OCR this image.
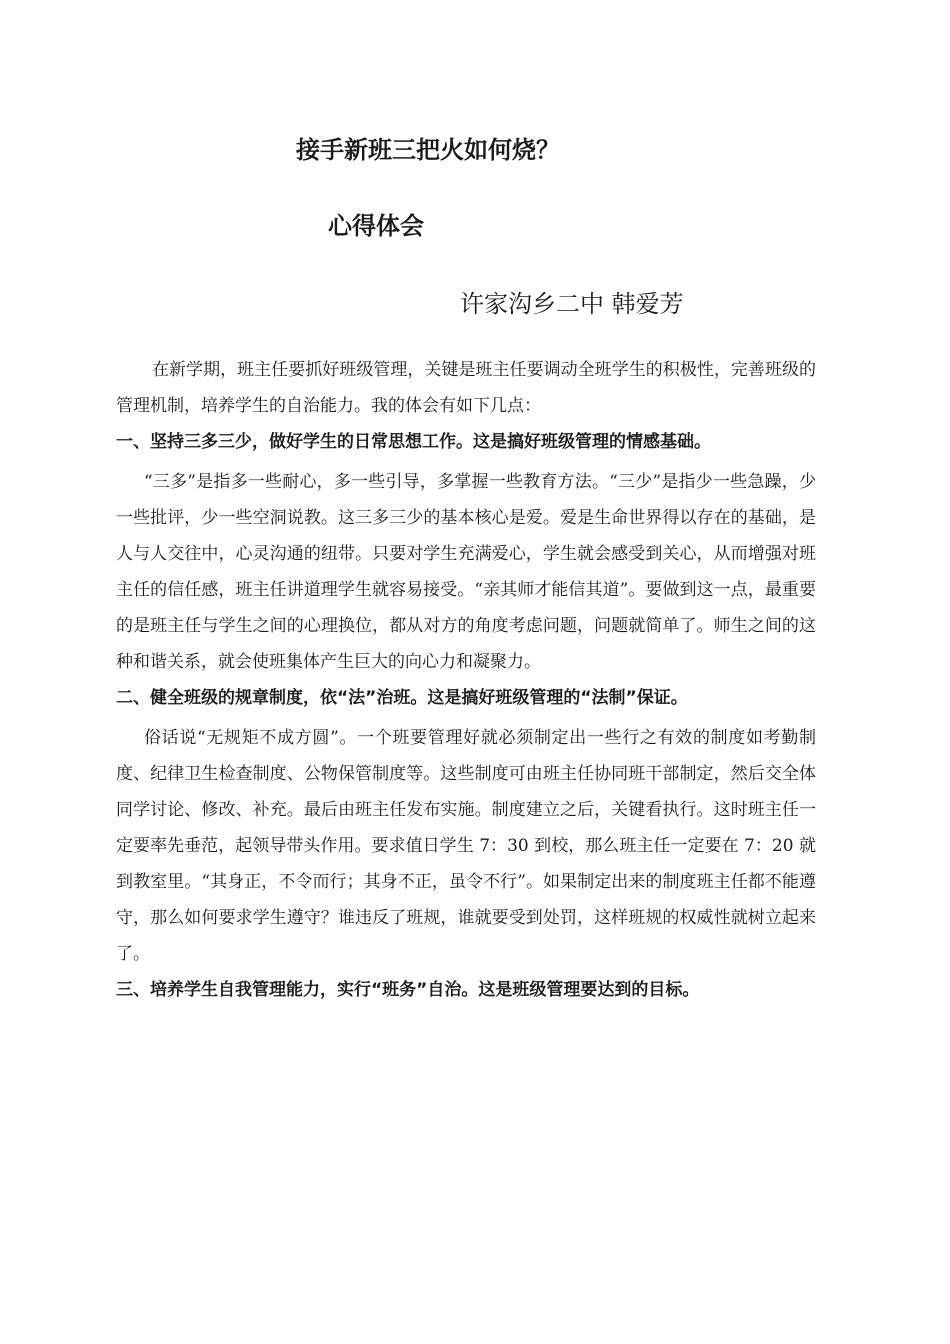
接手新班三把火如何烧？
心得体会
许家沟乡二中 韩爱芳

在新学期，班主任要抓好班级管理，关键是班主任要调动全班学生的积极性，完善班级的管理机制，培养学生的自治能力。我的体会有如下几点：

一、坚持三多三少，做好学生的日常思想工作。这是搞好班级管理的情感基础。

“三多”是指多一些耐心，多一些引导，多掌握一些教育方法。“三少”是指少一些急躁，少一些批评，少一些空洞说教。这三多三少的基本核心是爱。爱是生命世界得以存在的基础，是人与人交往中，心灵沟通的纽带。只要对学生充满爱心，学生就会感受到关心，从而增强对班主任的信任感，班主任讲道理学生就容易接受。“亲其师才能信其道”。要做到这一点，最重要的是班主任与学生之间的心理换位，都从对方的角度考虑问题，问题就简单了。师生之间的这种和谐关系，就会使班集体产生巨大的向心力和凝聚力。

二、健全班级的规章制度，依“法”治班。这是搞好班级管理的“法制”保证。

俗话说“无规矩不成方圆”。一个班要管理好就必须制定出一些行之有效的制度如考勤制度、纪律卫生检查制度、公物保管制度等。这些制度可由班主任协同班干部制定，然后交全体同学讨论、修改、补充。最后由班主任发布实施。制度建立之后，关键看执行。这时班主任一定要率先垂范，起领导带头作用。要求值日学生 7：30 到校，那么班主任一定要在 7：20 就到教室里。“其身正，不令而行；其身不正，虽令不行”。如果制定出来的制度班主任都不能遵守，那么如何要求学生遵守？谁违反了班规，谁就要受到处罚，这样班规的权威性就树立起来了。

三、培养学生自我管理能力，实行“班务”自治。这是班级管理要达到的目标。
